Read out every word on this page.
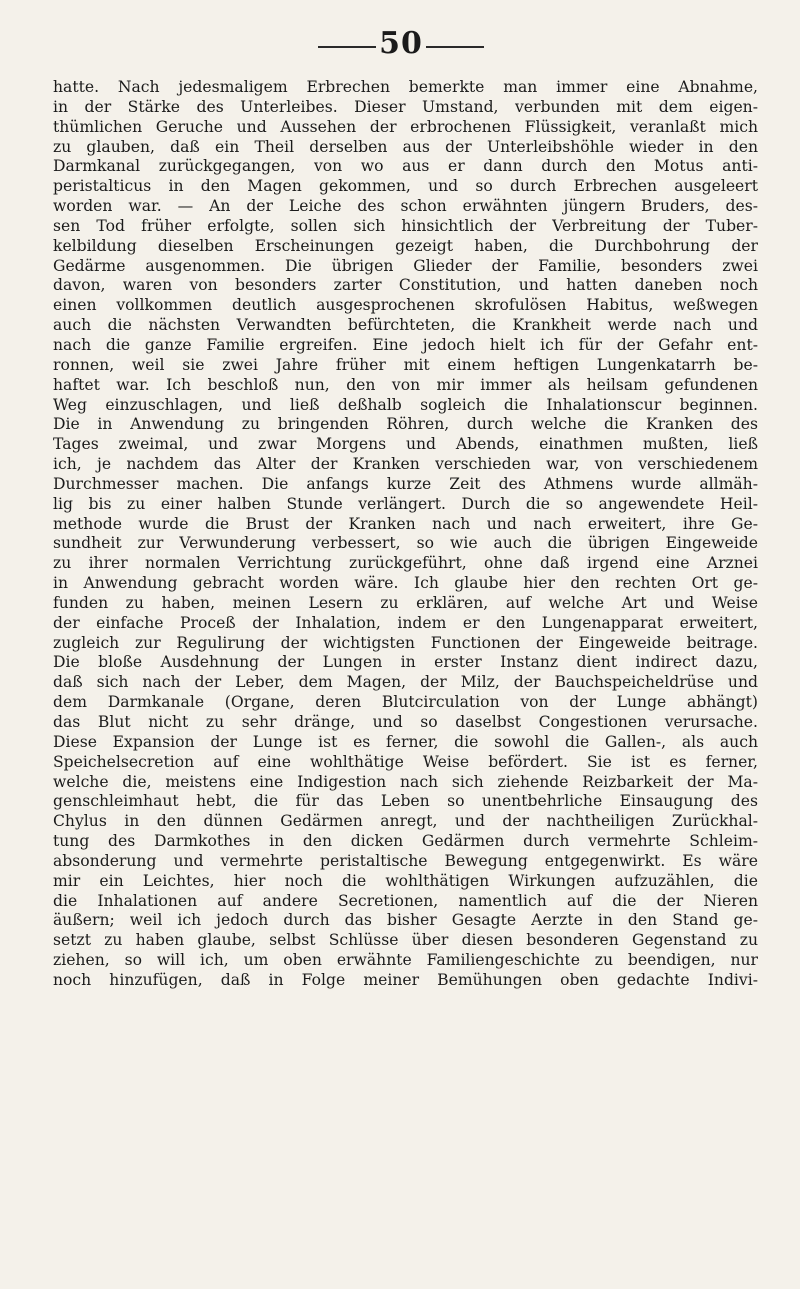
50
hatte. Nach jedesmaligem Erbrechen bemerkte man immer eine Abnahme,
in der Stärke des Unterleibes. Dieser Umstand, verbunden mit dem eigen-
thümlichen Geruche und Aussehen der erbrochenen Flüssigkeit, veranlaßt mich
zu glauben, daß ein Theil derselben aus der Unterleibshöhle wieder in den
Darmkanal zurückgegangen, von wo aus er dann durch den Motus anti-
peristalticus in den Magen gekommen, und so durch Erbrechen ausgeleert
worden war. — An der Leiche des schon erwähnten jüngern Bruders, des-
sen Tod früher erfolgte, sollen sich hinsichtlich der Verbreitung der Tuber-
kelbildung dieselben Erscheinungen gezeigt haben, die Durchbohrung der
Gedärme ausgenommen. Die übrigen Glieder der Familie, besonders zwei
davon, waren von besonders zarter Constitution, und hatten daneben noch
einen vollkommen deutlich ausgesprochenen skrofulösen Habitus, weßwegen
auch die nächsten Verwandten befürchteten, die Krankheit werde nach und
nach die ganze Familie ergreifen. Eine jedoch hielt ich für der Gefahr ent-
ronnen, weil sie zwei Jahre früher mit einem heftigen Lungenkatarrh be-
haftet war. Ich beschloß nun, den von mir immer als heilsam gefundenen
Weg einzuschlagen, und ließ deßhalb sogleich die Inhalationscur beginnen.
Die in Anwendung zu bringenden Röhren, durch welche die Kranken des
Tages zweimal, und zwar Morgens und Abends, einathmen mußten, ließ
ich, je nachdem das Alter der Kranken verschieden war, von verschiedenem
Durchmesser machen. Die anfangs kurze Zeit des Athmens wurde allmäh-
lig bis zu einer halben Stunde verlängert. Durch die so angewendete Heil-
methode wurde die Brust der Kranken nach und nach erweitert, ihre Ge-
sundheit zur Verwunderung verbessert, so wie auch die übrigen Eingeweide
zu ihrer normalen Verrichtung zurückgeführt, ohne daß irgend eine Arznei
in Anwendung gebracht worden wäre. Ich glaube hier den rechten Ort ge-
funden zu haben, meinen Lesern zu erklären, auf welche Art und Weise
der einfache Proceß der Inhalation, indem er den Lungenapparat erweitert,
zugleich zur Regulirung der wichtigsten Functionen der Eingeweide beitrage.
Die bloße Ausdehnung der Lungen in erster Instanz dient indirect dazu,
daß sich nach der Leber, dem Magen, der Milz, der Bauchspeicheldrüse und
dem Darmkanale (Organe, deren Blutcirculation von der Lunge abhängt)
das Blut nicht zu sehr dränge, und so daselbst Congestionen verursache.
Diese Expansion der Lunge ist es ferner, die sowohl die Gallen-, als auch
Speichelsecretion auf eine wohlthätige Weise befördert. Sie ist es ferner,
welche die, meistens eine Indigestion nach sich ziehende Reizbarkeit der Ma-
genschleimhaut hebt, die für das Leben so unentbehrliche Einsaugung des
Chylus in den dünnen Gedärmen anregt, und der nachtheiligen Zurückhal-
tung des Darmkothes in den dicken Gedärmen durch vermehrte Schleim-
absonderung und vermehrte peristaltische Bewegung entgegenwirkt. Es wäre
mir ein Leichtes, hier noch die wohlthätigen Wirkungen aufzuzählen, die
die Inhalationen auf andere Secretionen, namentlich auf die der Nieren
äußern; weil ich jedoch durch das bisher Gesagte Aerzte in den Stand ge-
setzt zu haben glaube, selbst Schlüsse über diesen besonderen Gegenstand zu
ziehen, so will ich, um oben erwähnte Familiengeschichte zu beendigen, nur
noch hinzufügen, daß in Folge meiner Bemühungen oben gedachte Indivi-
